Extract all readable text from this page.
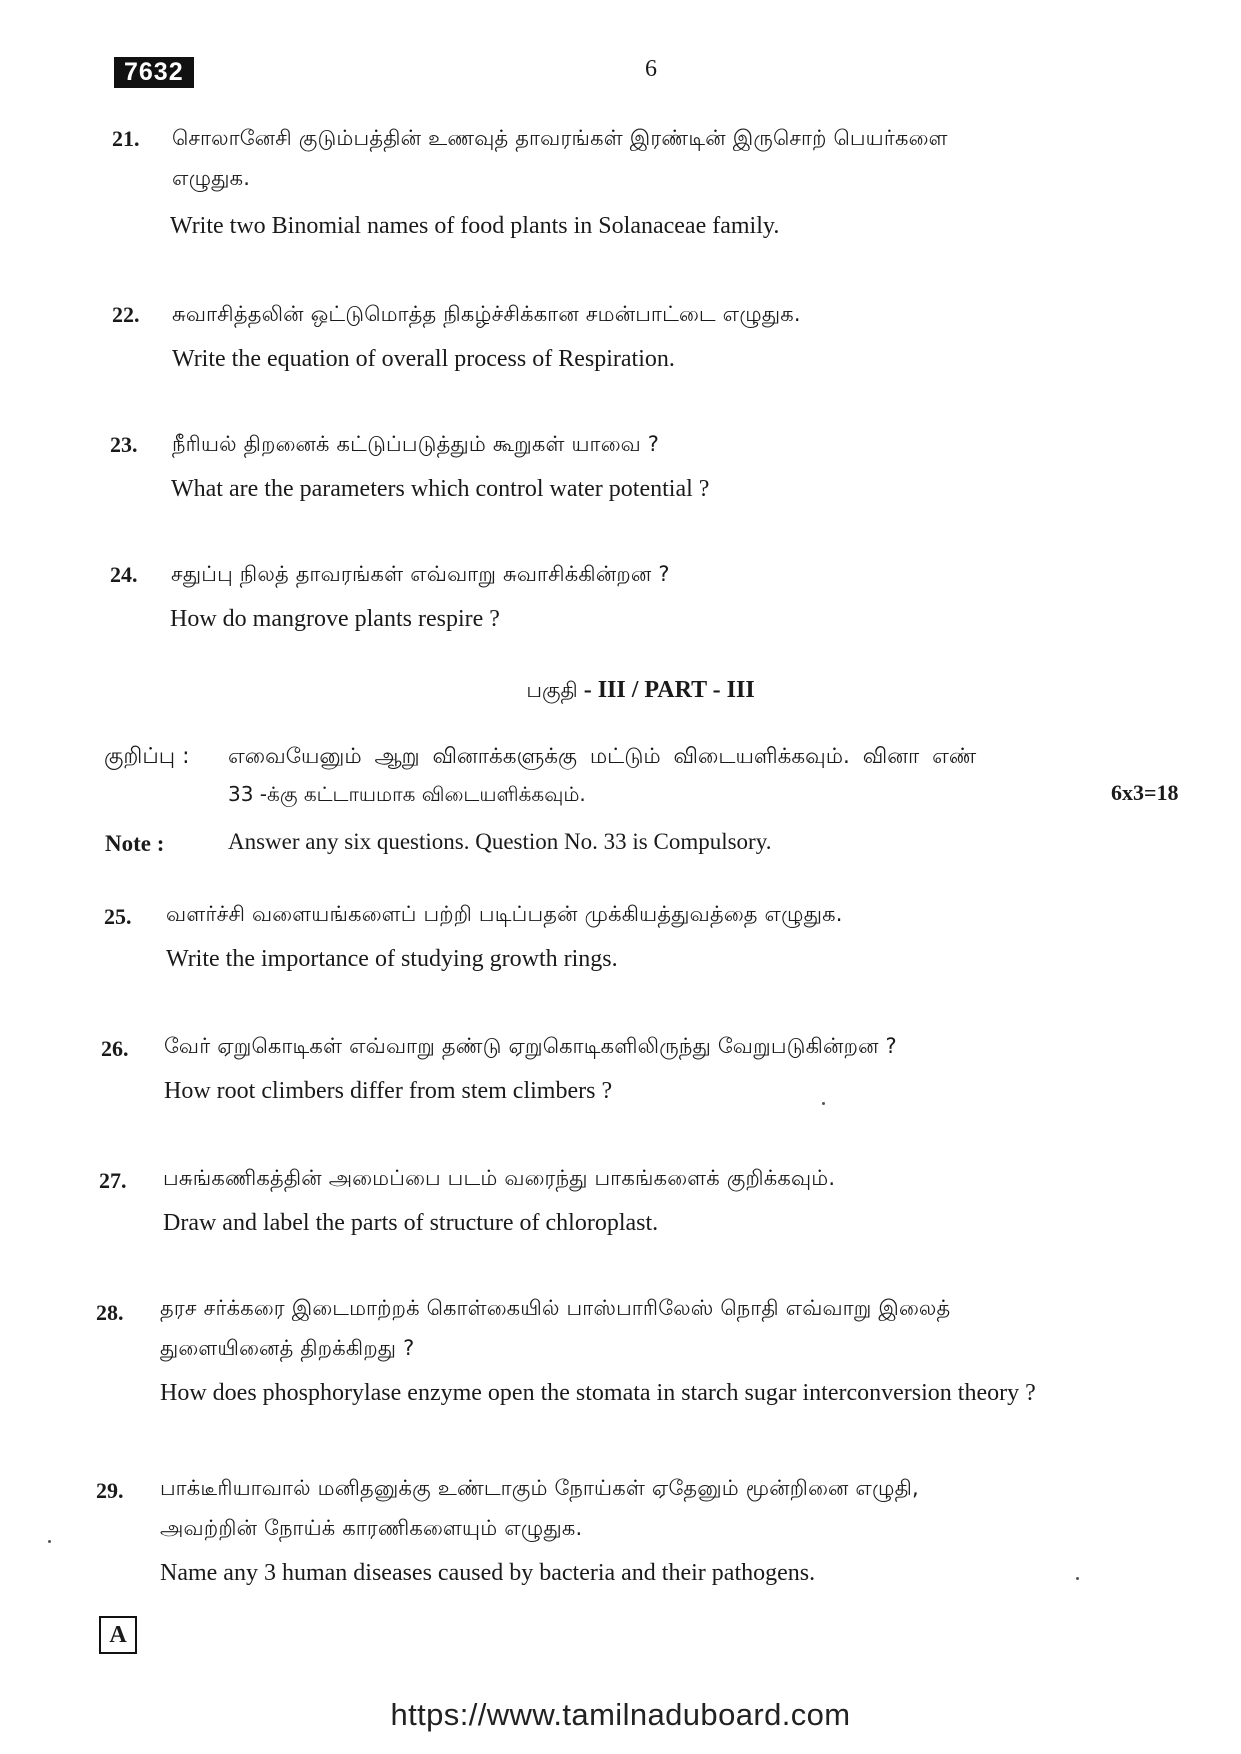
7632	6
21. சொலானேசி குடும்பத்தின் உணவுத் தாவரங்கள் இரண்டின் இருசொற் பெயர்களை
எழுதுக.
Write two Binomial names of food plants in Solanaceae family.
22. சுவாசித்தலின் ஒட்டுமொத்த நிகழ்ச்சிக்கான சமன்பாட்டை எழுதுக.
Write the equation of overall process of Respiration.
23. நீரியல் திறனைக் கட்டுப்படுத்தும் கூறுகள் யாவை ?
What are the parameters which control water potential ?
24. சதுப்பு நிலத் தாவரங்கள் எவ்வாறு சுவாசிக்கின்றன ?
How do mangrove plants respire ?
பகுதி - III / PART - III
குறிப்பு : எவையேனும் ஆறு வினாக்களுக்கு மட்டும் விடையளிக்கவும். வினா எண்
33 -க்கு கட்டாயமாக விடையளிக்கவும்.	6x3=18
Note :	Answer any six questions. Question No. 33 is Compulsory.
25. வளர்ச்சி வளையங்களைப் பற்றி படிப்பதன் முக்கியத்துவத்தை எழுதுக.
Write the importance of studying growth rings.
26. வேர் ஏறுகொடிகள் எவ்வாறு தண்டு ஏறுகொடிகளிலிருந்து வேறுபடுகின்றன ?
How root climbers differ from stem climbers ?
27. பசுங்கணிகத்தின் அமைப்பை படம் வரைந்து பாகங்களைக் குறிக்கவும்.
Draw and label the parts of structure of chloroplast.
28. தரச சர்க்கரை இடைமாற்றக் கொள்கையில் பாஸ்பாரிலேஸ் நொதி எவ்வாறு இலைத்
துளையினைத் திறக்கிறது ?
How does phosphorylase enzyme open the stomata in starch sugar interconversion theory ?
29. பாக்டீரியாவால் மனிதனுக்கு உண்டாகும் நோய்கள் ஏதேனும் மூன்றினை எழுதி,
அவற்றின் நோய்க் காரணிகளையும் எழுதுக.
Name any 3 human diseases caused by bacteria and their pathogens.
A
https://www.tamilnaduboard.com
